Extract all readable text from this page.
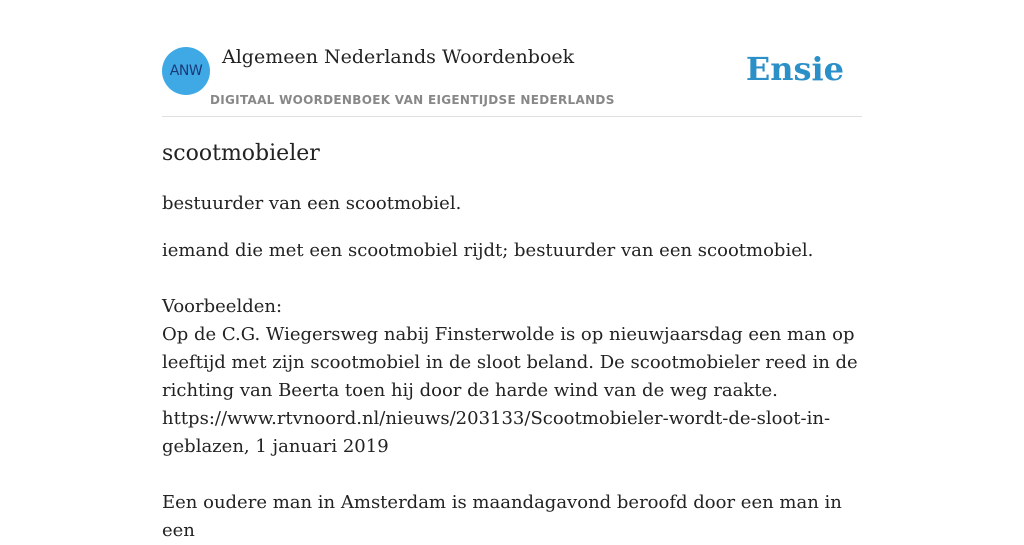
ANW
Algemeen Nederlands Woordenboek
DIGITAAL WOORDENBOEK VAN EIGENTIJDSE NEDERLANDS
Ensie
scootmobieler

bestuurder van een scootmobiel.

iemand die met een scootmobiel rijdt; bestuurder van een scootmobiel.

Voorbeelden:
Op de C.G. Wiegersweg nabij Finsterwolde is op nieuwjaarsdag een man op leeftijd met zijn scootmobiel in de sloot beland. De scootmobieler reed in de richting van Beerta toen hij door de harde wind van de weg raakte. https://www.rtvnoord.nl/nieuws/203133/Scootmobieler-wordt-de-sloot-in-geblazen, 1 januari 2019

Een oudere man in Amsterdam is maandagavond beroofd door een man in een
